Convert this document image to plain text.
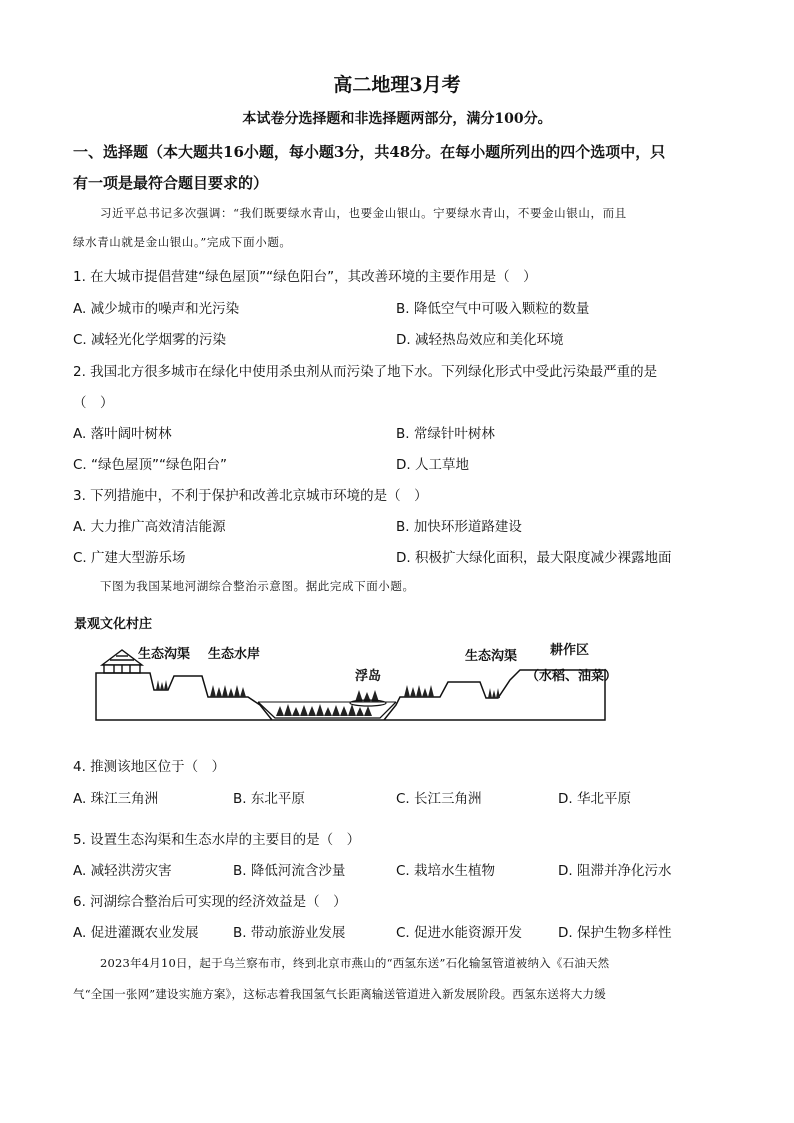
高二地理3月考
本试卷分选择题和非选择题两部分，满分100分。
一、选择题（本大题共16小题，每小题3分，共48分。在每小题所列出的四个选项中，只
有一项是最符合题目要求的）
习近平总书记多次强调：“我们既要绿水青山，也要金山银山。宁要绿水青山，不要金山银山，而且
绿水青山就是金山银山。”完成下面小题。
1. 在大城市提倡营建“绿色屋顶”“绿色阳台”，其改善环境的主要作用是（　）
A. 减少城市的噪声和光污染	B. 降低空气中可吸入颗粒的数量
C. 减轻光化学烟雾的污染	D. 减轻热岛效应和美化环境
2. 我国北方很多城市在绿化中使用杀虫剂从而污染了地下水。下列绿化形式中受此污染最严重的是
（　）
A. 落叶阔叶树林	B. 常绿针叶树林
C. “绿色屋顶”“绿色阳台”	D. 人工草地
3. 下列措施中，不利于保护和改善北京城市环境的是（　）
A. 大力推广高效清洁能源	B. 加快环形道路建设
C. 广建大型游乐场	D. 积极扩大绿化面积，最大限度减少裸露地面
下图为我国某地河湖综合整治示意图。据此完成下面小题。
景观文化村庄
生态沟渠 生态水岸
浮岛
生态沟渠	耕作区
（水稻、油菜）
4. 推测该地区位于（　）
A. 珠江三角洲	B. 东北平原	C. 长江三角洲	D. 华北平原
5. 设置生态沟渠和生态水岸的主要目的是（　）
A. 减轻洪涝灾害	B. 降低河流含沙量	C. 栽培水生植物	D. 阻滞并净化污水
6. 河湖综合整治后可实现的经济效益是（　）
A. 促进灌溉农业发展	B. 带动旅游业发展	C. 促进水能资源开发	D. 保护生物多样性
2023年4月10日，起于乌兰察布市，终到北京市燕山的“西氢东送”石化输氢管道被纳入《石油天然
气“全国一张网”建设实施方案》，这标志着我国氢气长距离输送管道进入新发展阶段。西氢东送将大力缓
